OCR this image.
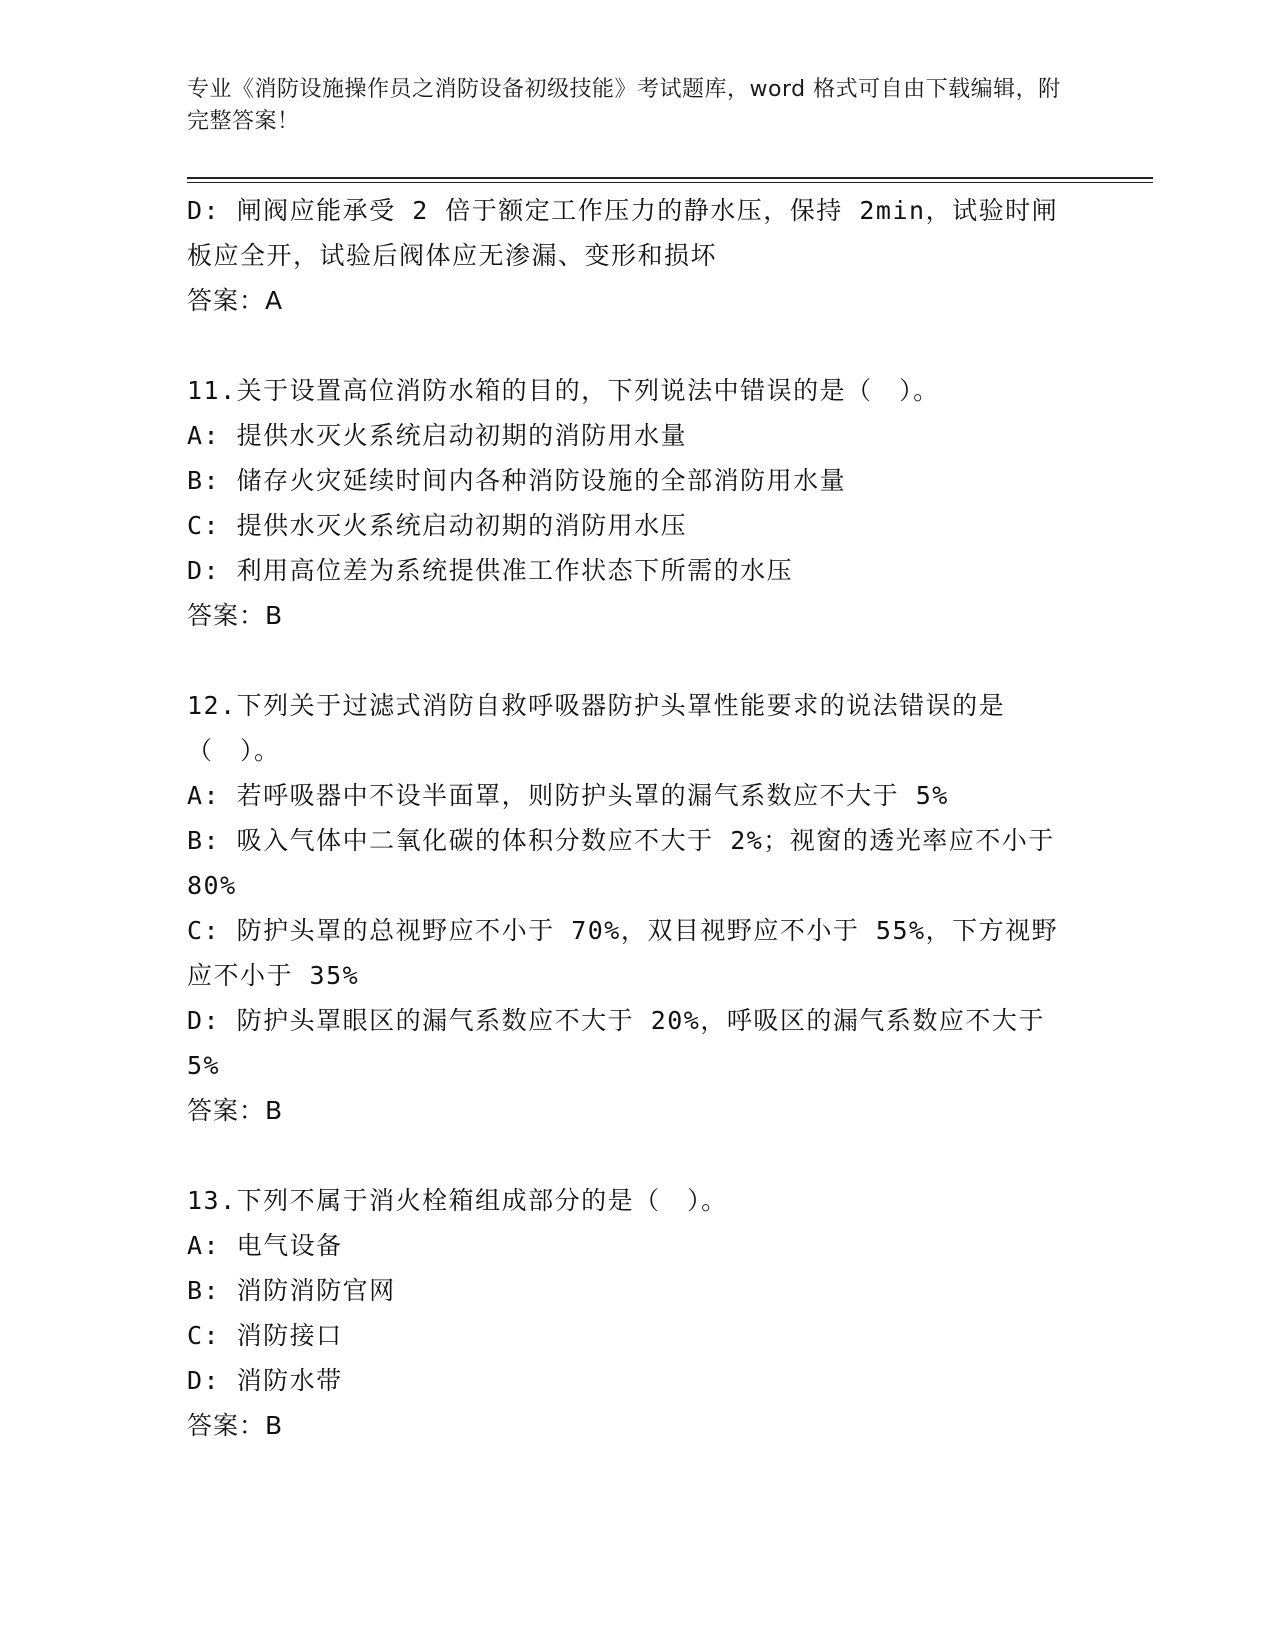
专业《消防设施操作员之消防设备初级技能》考试题库，word 格式可自由下载编辑，附完整答案！
D: 闸阀应能承受 2 倍于额定工作压力的静水压，保持 2min，试验时闸板应全开，试验后阀体应无渗漏、变形和损坏
答案：A
11.关于设置高位消防水箱的目的，下列说法中错误的是（　）。
A: 提供水灭火系统启动初期的消防用水量
B: 储存火灾延续时间内各种消防设施的全部消防用水量
C: 提供水灭火系统启动初期的消防用水压
D: 利用高位差为系统提供准工作状态下所需的水压
答案：B
12.下列关于过滤式消防自救呼吸器防护头罩性能要求的说法错误的是（　）。
A: 若呼吸器中不设半面罩，则防护头罩的漏气系数应不大于 5%
B: 吸入气体中二氧化碳的体积分数应不大于 2%；视窗的透光率应不小于 80%
C: 防护头罩的总视野应不小于 70%，双目视野应不小于 55%，下方视野应不小于 35%
D: 防护头罩眼区的漏气系数应不大于 20%，呼吸区的漏气系数应不大于 5%
答案：B
13.下列不属于消火栓箱组成部分的是（　）。
A: 电气设备
B: 消防消防官网
C: 消防接口
D: 消防水带
答案：B
